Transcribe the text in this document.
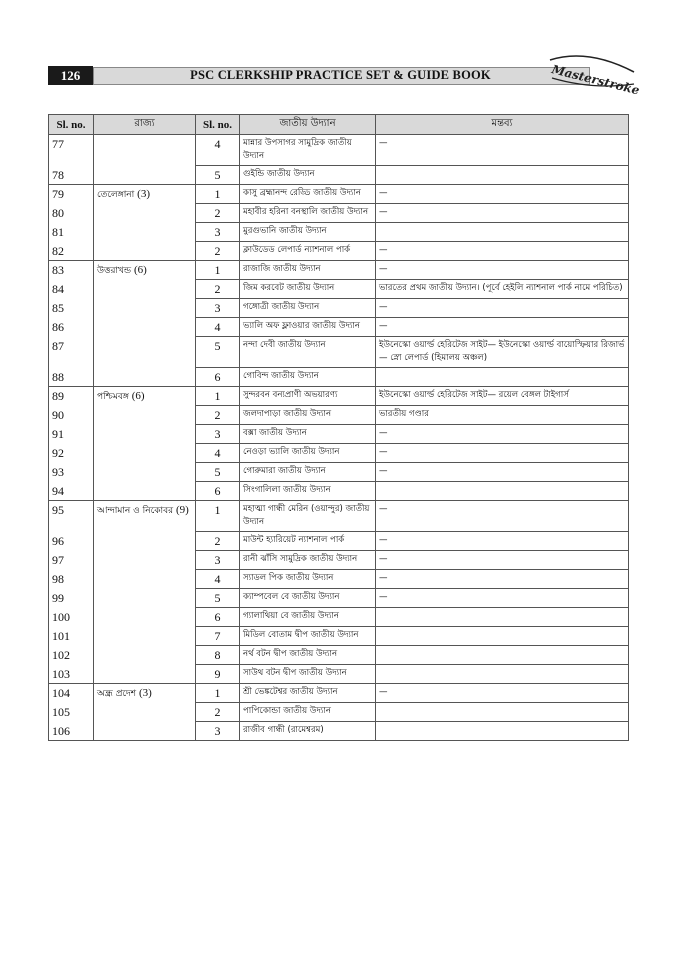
126	PSC CLERKSHIP PRACTICE SET & GUIDE BOOK	Masterstroke
Sl. no.	রাজ্য	Sl. no.	জাতীয় উদ্যান	মন্তব্য
77		4	মান্নার উপসাগর সামুদ্রিক জাতীয় উদ্যান	—
78		5	গুইন্ডি জাতীয় উদ্যান	
79	তেলেঙ্গানা (3)	1	কাসু ব্রহ্মানন্দ রেড্ডি জাতীয় উদ্যান	—
80		2	মহাবীর হরিনা বনস্থালি জাতীয় উদ্যান	—
81		3	মুরগুভানি জাতীয় উদ্যান	
82		2	ক্লাউডেড লেপার্ড ন্যাশনাল পার্ক	—
83	উত্তরাখন্ড (6)	1	রাজাজি জাতীয় উদ্যান	—
84		2	জিম করবেট জাতীয় উদ্যান	ভারতের প্রথম জাতীয় উদ্যান। (পূর্বে হেইলি ন্যাশনাল পার্ক নামে পরিচিত)
85		3	গঙ্গোত্রী জাতীয় উদ্যান	—
86		4	ভ্যালি অফ ফ্লাওয়ার জাতীয় উদ্যান	—
87		5	নন্দা দেবী জাতীয় উদ্যান	ইউনেস্কো ওয়ার্ল্ড হেরিটেজ সাইট— ইউনেস্কো ওয়ার্ল্ড বায়োস্ফিয়ার রিজার্ভ— স্নো লেপার্ড (হিমালয় অঞ্চল)
88		6	গোবিন্দ জাতীয় উদ্যান	
89	পশ্চিমবঙ্গ (6)	1	সুন্দরবন বন্যপ্রাণী অভয়ারণ্য	ইউনেস্কো ওয়ার্ল্ড হেরিটেজ সাইট— রয়েল বেঙ্গল টাইগার্স
90		2	জলদাপাড়া জাতীয় উদ্যান	ভারতীয় গণ্ডার
91		3	বক্সা জাতীয় উদ্যান	—
92		4	নেওড়া ভ্যালি জাতীয় উদ্যান	—
93		5	গোরুমারা জাতীয় উদ্যান	—
94		6	সিংগালিলা জাতীয় উদ্যান	
95	আন্দামান ও নিকোবর (9)	1	মহাত্মা গান্ধী মেরিন (ওয়ান্দুর) জাতীয় উদ্যান	—
96		2	মাউন্ট হ্যারিয়েট ন্যাশনাল পার্ক	—
97		3	রানী ঝাঁসি সামুদ্রিক জাতীয় উদ্যান	—
98		4	স্যাডল পিক জাতীয় উদ্যান	—
99		5	ক্যাম্পবেল বে জাতীয় উদ্যান	—
100		6	গ্যালাথিয়া বে জাতীয় উদ্যান	
101		7	মিডিল বোতাম দ্বীপ জাতীয় উদ্যান	
102		8	নর্থ বটন দ্বীপ জাতীয় উদ্যান	
103		9	সাউথ বটন দ্বীপ জাতীয় উদ্যান	
104	অন্ধ্র প্রদেশ (3)	1	শ্রী ভেঙ্কটেশ্বর জাতীয় উদ্যান	—
105		2	পাপিকোন্ডা জাতীয় উদ্যান	
106		3	রাজীব গান্ধী (রামেশ্বরম)	
